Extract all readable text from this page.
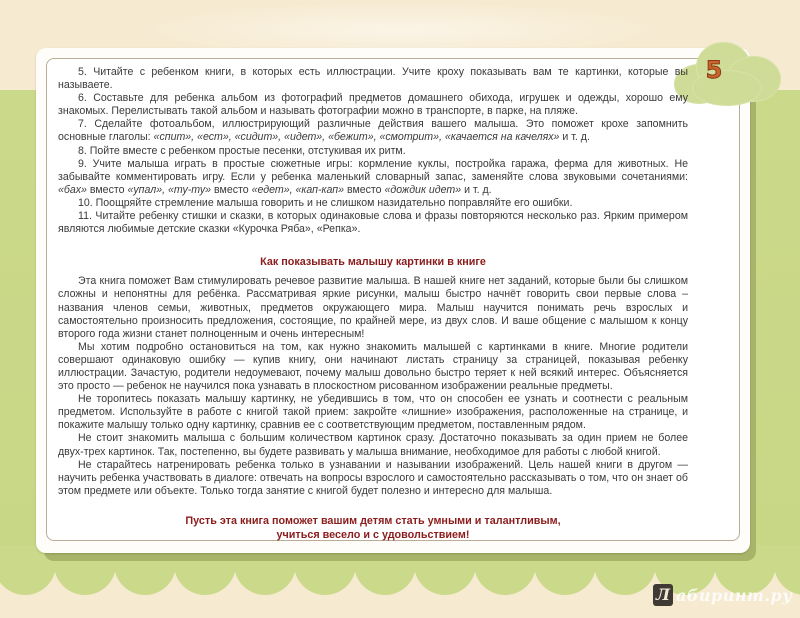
5

5. Читайте с ребенком книги, в которых есть иллюстрации. Учите кроху показывать вам те картинки, которые вы называете.

6. Составьте для ребенка альбом из фотографий предметов домашнего обихода, игрушек и одежды, хорошо ему знакомых. Перелистывать такой альбом и называть фотографии можно в транспорте, в парке, на пляже.

7. Сделайте фотоальбом, иллюстрирующий различные действия вашего малыша. Это поможет крохе запомнить основные глаголы: «спит», «ест», «сидит», «идет», «бежит», «смотрит», «качается на качелях» и т. д.

8. Пойте вместе с ребенком простые песенки, отстукивая их ритм.

9. Учите малыша играть в простые сюжетные игры: кормление куклы, постройка гаража, ферма для животных. Не забывайте комментировать игру. Если у ребенка маленький словарный запас, заменяйте слова звуковыми сочетаниями: «бах» вместо «упал», «ту-ту» вместо «едет», «кап-кап» вместо «дождик идет» и т. д.

10. Поощряйте стремление малыша говорить и не слишком назидательно поправляйте его ошибки.

11. Читайте ребенку стишки и сказки, в которых одинаковые слова и фразы повторяются несколько раз. Ярким примером являются любимые детские сказки «Курочка Ряба», «Репка».

Как показывать малышу картинки в книге

Эта книга поможет Вам стимулировать речевое развитие малыша. В нашей книге нет заданий, которые были бы слишком сложны и непонятны для ребёнка. Рассматривая яркие рисунки, малыш быстро начнёт говорить свои первые слова – названия членов семьи, животных, предметов окружающего мира. Малыш научится понимать речь взрослых и самостоятельно произносить предложения, состоящие, по крайней мере, из двух слов. И ваше общение с малышом к концу второго года жизни станет полноценным и очень интересным!

Мы хотим подробно остановиться на том, как нужно знакомить малышей с картинками в книге. Многие родители совершают одинаковую ошибку — купив книгу, они начинают листать страницу за страницей, показывая ребенку иллюстрации. Зачастую, родители недоумевают, почему малыш довольно быстро теряет к ней всякий интерес. Объясняется это просто — ребенок не научился пока узнавать в плоскостном рисованном изображении реальные предметы.

Не торопитесь показать малышу картинку, не убедившись в том, что он способен ее узнать и соотнести с реальным предметом. Используйте в работе с книгой такой прием: закройте «лишние» изображения, расположенные на странице, и покажите малышу только одну картинку, сравнив ее с соответствующим предметом, поставленным рядом.

Не стоит знакомить малыша с большим количеством картинок сразу. Достаточно показывать за один прием не более двух-трех картинок. Так, постепенно, вы будете развивать у малыша внимание, необходимое для работы с любой книгой.

Не старайтесь натренировать ребенка только в узнавании и назывании изображений. Цель нашей книги в другом — научить ребенка участвовать в диалоге: отвечать на вопросы взрослого и самостоятельно рассказывать о том, что он знает об этом предмете или объекте. Только тогда занятие с книгой будет полезно и интересно для малыша.

Пусть эта книга поможет вашим детям стать умными и талантливым,
учиться весело и с удовольствием!
Л абиринт.ру
